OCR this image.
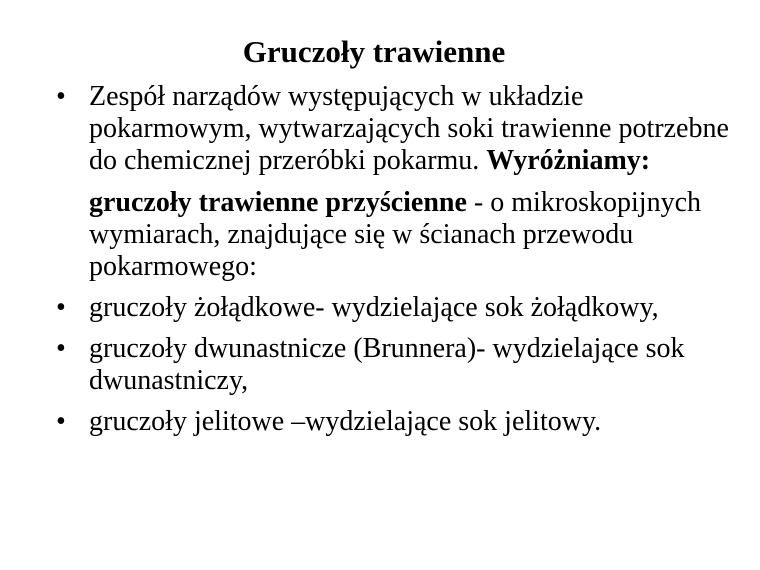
Gruczoły trawienne
• Zespół narządów występujących w układzie pokarmowym, wytwarzających soki trawienne potrzebne do chemicznej przeróbki pokarmu. Wyróżniamy:
gruczoły trawienne przyścienne - o mikroskopijnych wymiarach, znajdujące się w ścianach przewodu pokarmowego:
• gruczoły żołądkowe- wydzielające sok żołądkowy,
• gruczoły dwunastnicze (Brunnera)- wydzielające sok dwunastniczy,
• gruczoły jelitowe –wydzielające sok jelitowy.
